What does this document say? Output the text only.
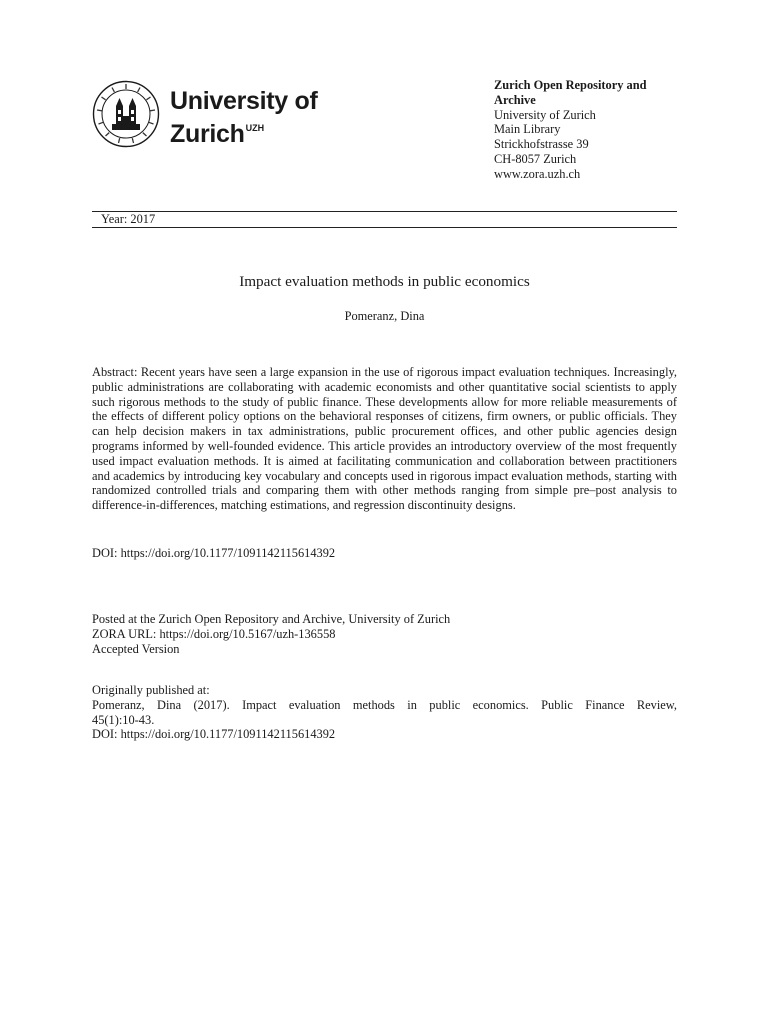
University of
Zurich$^{UZH}$
Zurich Open Repository and
Archive
University of Zurich
Main Library
Strickhofstrasse 39
CH-8057 Zurich
www.zora.uzh.ch
Year: 2017
Impact evaluation methods in public economics
Pomeranz, Dina

Abstract: Recent years have seen a large expansion in the use of rigorous impact evaluation techniques. Increasingly, public administrations are collaborating with academic economists and other quantitative social scientists to apply such rigorous methods to the study of public finance. These developments allow for more reliable measurements of the effects of different policy options on the behavioral responses of citizens, firm owners, or public officials. They can help decision makers in tax administrations, public procurement offices, and other public agencies design programs informed by well-founded evidence. This article provides an introductory overview of the most frequently used impact evaluation methods. It is aimed at facilitating communication and collaboration between practitioners and academics by introducing key vocabulary and concepts used in rigorous impact evaluation methods, starting with randomized controlled trials and comparing them with other methods ranging from simple pre–post analysis to difference-in-differences, matching estimations, and regression discontinuity designs.

DOI: https://doi.org/10.1177/1091142115614392

Posted at the Zurich Open Repository and Archive, University of Zurich
ZORA URL: https://doi.org/10.5167/uzh-136558
Accepted Version
Originally published at:
Pomeranz, Dina (2017). Impact evaluation methods in public economics. Public Finance Review,
45(1):10-43.
DOI: https://doi.org/10.1177/1091142115614392
